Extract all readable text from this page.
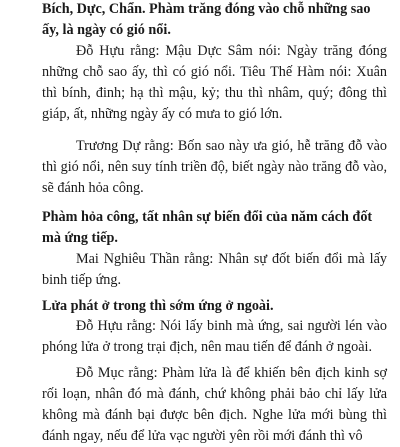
Bích, Dực, Chẩn. Phàm trăng đóng vào chỗ những sao ấy, là ngày có gió nổi.
Đỗ Hựu rằng: Mậu Dực Sâm nói: Ngày trăng đóng những chỗ sao ấy, thì có gió nổi. Tiêu Thế Hàm nói: Xuân thì bính, đinh; hạ thì mậu, kỷ; thu thì nhâm, quý; đông thì giáp, ất, những ngày ấy có mưa to gió lớn.
Trương Dự rằng: Bốn sao này ưa gió, hễ trăng đỗ vào thì gió nổi, nên suy tính triền độ, biết ngày nào trăng đỗ vào, sẽ đánh hỏa công.
Phàm hỏa công, tất nhân sự biến đổi của năm cách đốt mà ứng tiếp.
Mai Nghiêu Thần rằng: Nhân sự đốt biến đổi mà lấy binh tiếp ứng.
Lửa phát ở trong thì sớm ứng ở ngoài.
Đỗ Hựu rằng: Nói lấy binh mà ứng, sai người lén vào phóng lửa ở trong trại địch, nên mau tiến để đánh ở ngoài.
Đỗ Mục rằng: Phàm lửa là để khiến bên địch kinh sợ rối loạn, nhân đó mà đánh, chứ không phải bảo chỉ lấy lửa không mà đánh bại được bên địch. Nghe lửa mới bùng thì đánh ngay, nếu để lửa vạc người yên rồi mới đánh thì vô
